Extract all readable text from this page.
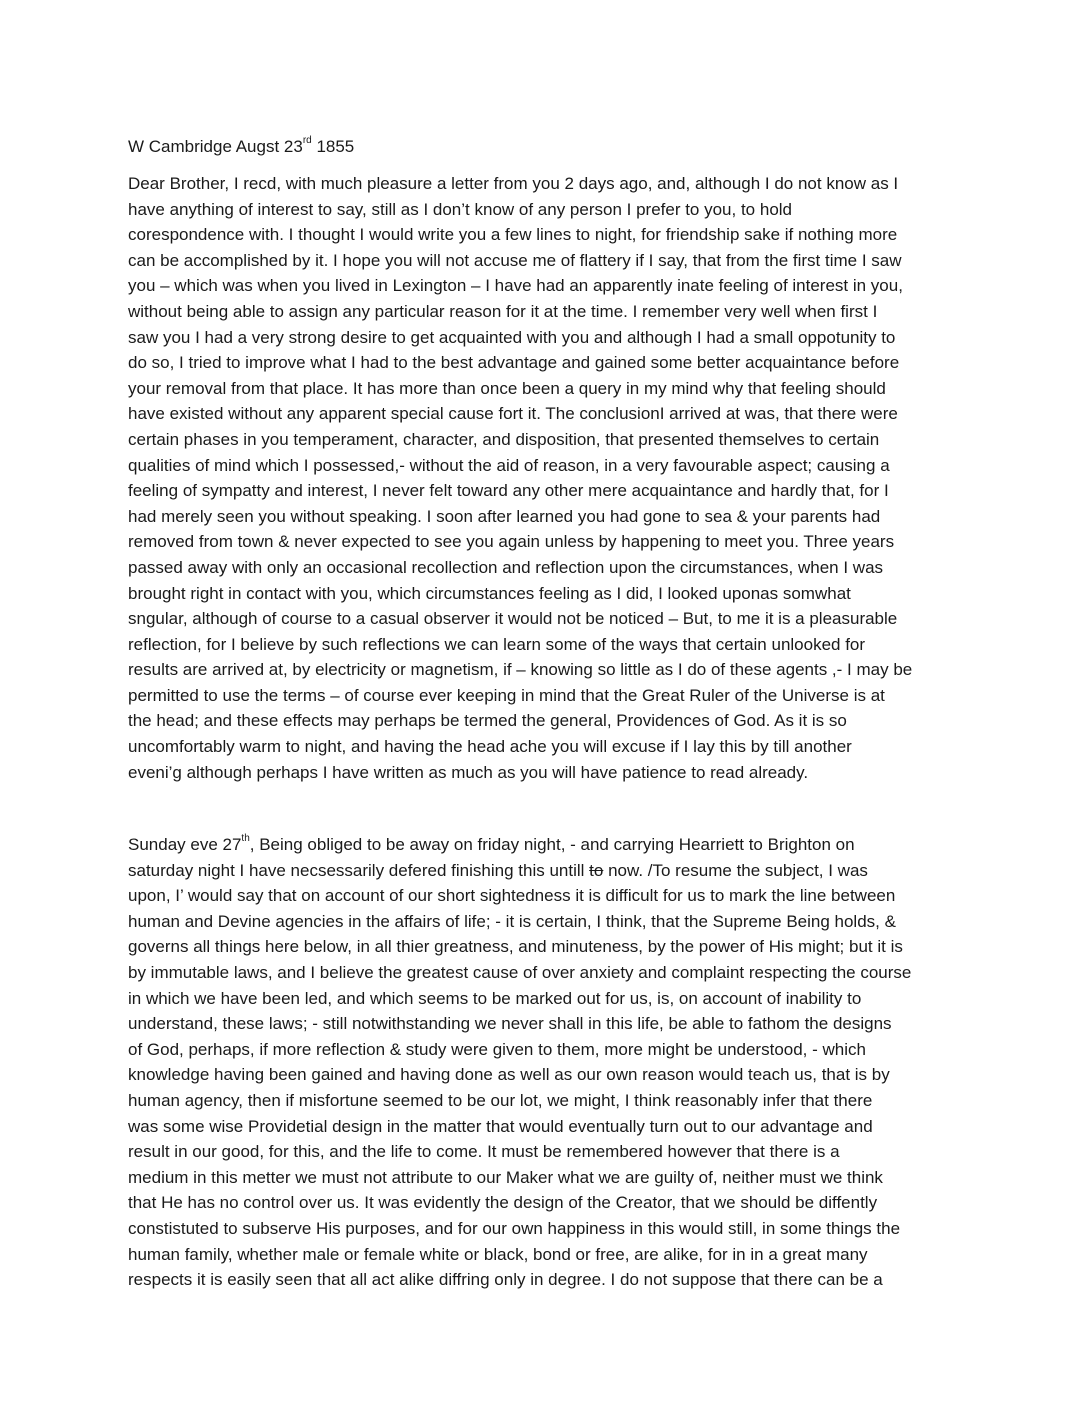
W Cambridge Augst 23rd 1855
Dear Brother, I recd, with much pleasure a letter from you 2 days ago, and, although I do not know as I
have anything of interest to say, still as I don’t know of any person I prefer to you, to hold
corespondence with. I thought I would write you a few lines to night, for friendship sake if nothing more
can be accomplished by it. I hope you will not accuse me of flattery if I say, that from the first time I saw
you – which was when you lived in Lexington – I have had an apparently inate feeling of interest in you,
without being able to assign any particular reason for it at the time. I remember very well when first I
saw you I had a very strong desire to get acquainted with you and although I had a small oppotunity to
do so, I tried to improve what I had to the best advantage and gained some better acquaintance before
your removal from that place. It has more than once been a query in my mind why that feeling should
have existed without any apparent special cause fort it. The conclusionI arrived at was, that there were
certain phases in you temperament, character, and disposition, that presented themselves to certain
qualities of mind which I possessed,- without the aid of reason, in a very favourable aspect; causing a
feeling of sympatty and interest, I never felt toward any other mere acquaintance and hardly that, for I
had merely seen you without speaking. I soon after learned you had gone to sea & your parents had
removed from town & never expected to see you again unless by happening to meet you. Three years
passed away with only an occasional recollection and reflection upon the circumstances, when I was
brought right in contact with you, which circumstances feeling as I did, I looked uponas somwhat
sngular, although of course to a casual observer it would not be noticed – But, to me it is a pleasurable
reflection, for I believe by such reflections we can learn some of the ways that certain unlooked for
results are arrived at, by electricity or magnetism, if – knowing so little as I do of these agents ,- I may be
permitted to use the terms – of course ever keeping in mind that the Great Ruler of the Universe is at
the head; and these effects may perhaps be termed the general, Providences of God. As it is so
uncomfortably warm to night, and having the head ache you will excuse if I lay this by till another
eveni’g although perhaps I have written as much as you will have patience to read already.
Sunday eve 27th, Being obliged to be away on friday night, - and carrying Hearriett to Brighton on
saturday night I have necsessarily defered finishing this untill to now. /To resume the subject, I was
upon, I’ would say that on account of our short sightedness it is difficult for us to mark the line between
human and Devine agencies in the affairs of life; - it is certain, I think, that the Supreme Being holds, &
governs all things here below, in all thier greatness, and minuteness, by the power of His might; but it is
by immutable laws, and I believe the greatest cause of over anxiety and complaint respecting the course
in which we have been led, and which seems to be marked out for us, is, on account of inability to
understand, these laws; - still notwithstanding we never shall in this life, be able to fathom the designs
of God, perhaps, if more reflection & study were given to them, more might be understood, - which
knowledge having been gained and having done as well as our own reason would teach us, that is by
human agency, then if misfortune seemed to be our lot, we might, I think reasonably infer that there
was some wise Providetial design in the matter that would eventually turn out to our advantage and
result in our good, for this, and the life to come. It must be remembered however that there is a
medium in this metter we must not attribute to our Maker what we are guilty of, neither must we think
that He has no control over us. It was evidently the design of the Creator, that we should be diffently
constistuted to subserve His purposes, and for our own happiness in this would still, in some things the
human family, whether male or female white or black, bond or free, are alike, for in in a great many
respects it is easily seen that all act alike diffring only in degree. I do not suppose that there can be a
